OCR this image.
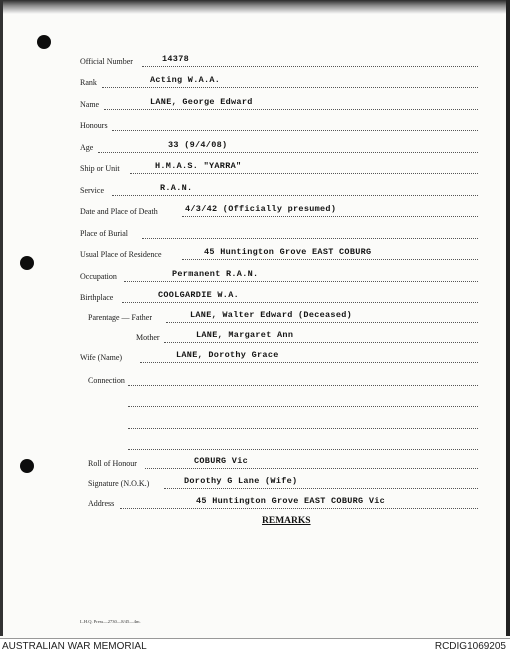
Official Number	14378
Rank	Acting W.A.A.
Name	LANE, George Edward
Honours
Age	33 (9/4/08)
Ship or Unit	H.M.A.S. "YARRA"
Service	R.A.N.
Date and Place of Death	4/3/42 (Officially presumed)
Place of Burial
Usual Place of Residence	45 Huntington Grove EAST COBURG
Occupation	Permanent R.A.N.
Birthplace	COOLGARDIE W.A.
Parentage — Father	LANE, Walter Edward (Deceased)
Mother	LANE, Margaret Ann
Wife (Name)	LANE, Dorothy Grace
Connection
Roll of Honour	COBURG Vic
Signature (N.O.K.)	Dorothy G Lane (Wife)
Address	45 Huntington Grove EAST COBURG Vic
REMARKS
L.H.Q. Press—2730—8/45—4m.
AUSTRALIAN WAR MEMORIAL	RCDIG1069205
